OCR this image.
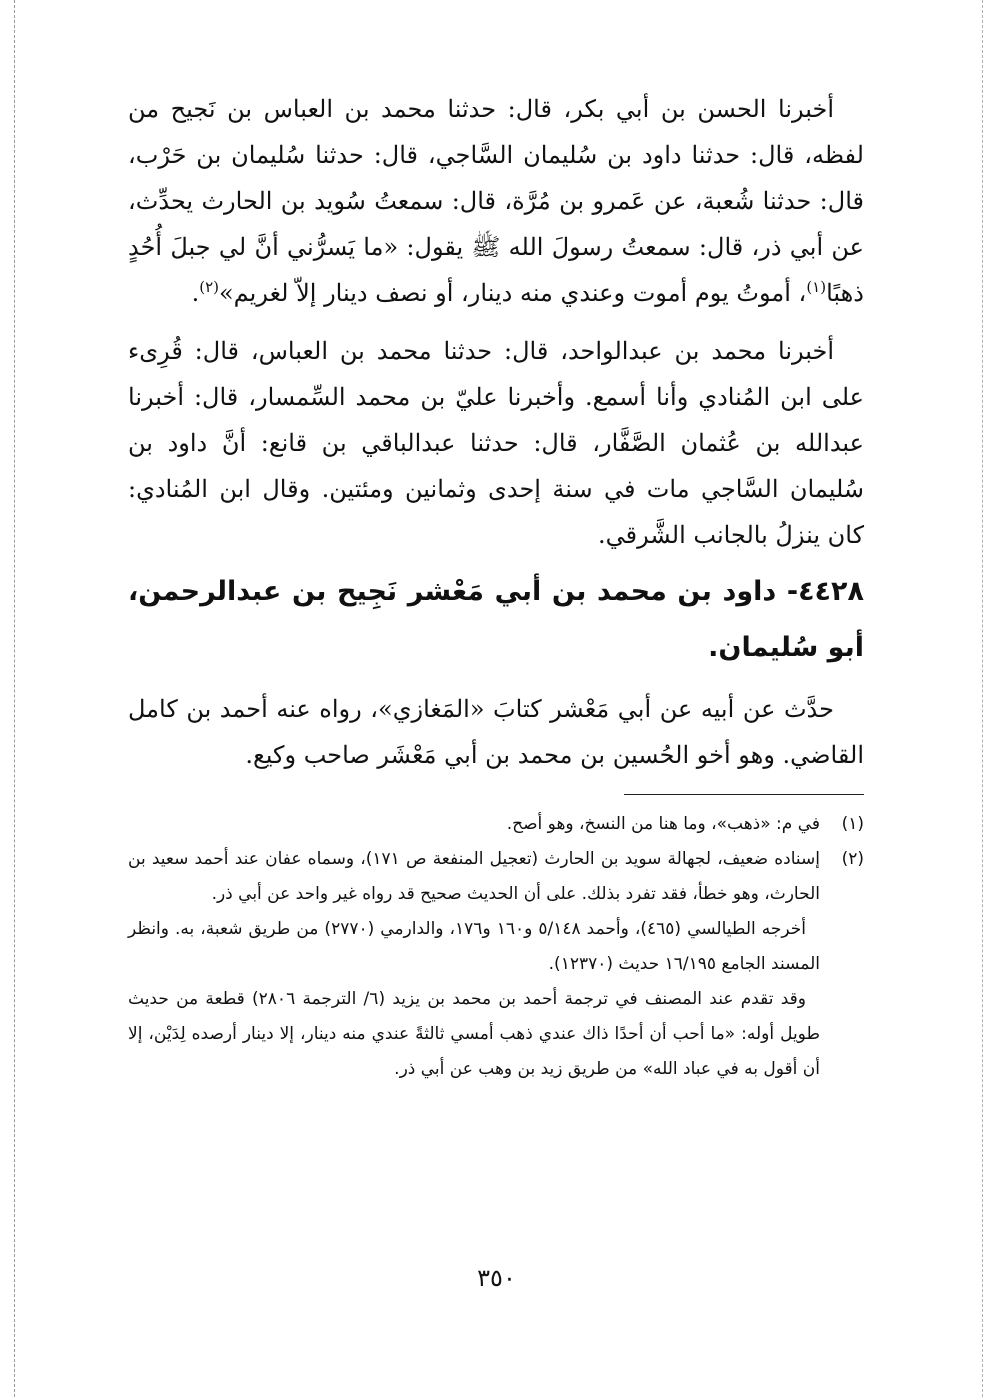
أخبرنا الحسن بن أبي بكر، قال: حدثنا محمد بن العباس بن نَجيح من لفظه، قال: حدثنا داود بن سُليمان السَّاجي، قال: حدثنا سُليمان بن حَرْب، قال: حدثنا شُعبة، عن عَمرو بن مُرَّة، قال: سمعتُ سُويد بن الحارث يحدِّث، عن أبي ذر، قال: سمعتُ رسولَ الله ﷺ يقول: «ما يَسرُّني أنَّ لي جبلَ أُحُدٍ ذهبًا$^{(١)}$، أموتُ يوم أموت وعندي منه دينار، أو نصف دينار إلاّ لغريم»$^{(٢)}$.

أخبرنا محمد بن عبدالواحد، قال: حدثنا محمد بن العباس، قال: قُرِىء على ابن المُنادي وأنا أسمع. وأخبرنا عليّ بن محمد السِّمسار، قال: أخبرنا عبدالله بن عُثمان الصَّفَّار، قال: حدثنا عبدالباقي بن قانع: أنَّ داود بن سُليمان السَّاجي مات في سنة إحدى وثمانين ومئتين. وقال ابن المُنادي: كان ينزلُ بالجانب الشَّرقي.

٤٤٢٨- داود بن محمد بن أبي مَعْشر نَجِيح بن عبدالرحمن، أبو سُليمان.

حدَّث عن أبيه عن أبي مَعْشر كتابَ «المَغازي»، رواه عنه أحمد بن كامل القاضي. وهو أخو الحُسين بن محمد بن أبي مَعْشَر صاحب وكيع.

(١)
في م: «ذهب»، وما هنا من النسخ، وهو أصح.
(٢)
إسناده ضعيف، لجهالة سويد بن الحارث (تعجيل المنفعة ص ١٧١)، وسماه عفان عند أحمد سعيد بن الحارث، وهو خطأ، فقد تفرد بذلك. على أن الحديث صحيح قد رواه غير واحد عن أبي ذر.

أخرجه الطيالسي (٤٦٥)، وأحمد ٥/١٤٨ و١٦٠ و١٧٦، والدارمي (٢٧٧٠) من طريق شعبة، به. وانظر المسند الجامع ١٦/١٩٥ حديث (١٢٣٧٠).

وقد تقدم عند المصنف في ترجمة أحمد بن محمد بن يزيد (٦/ الترجمة ٢٨٠٦) قطعة من حديث طويل أوله: «ما أحب أن أحدًا ذاك عندي ذهب أمسي ثالثةً عندي منه دينار، إلا دينار أرصده لِدَيْن، إلا أن أقول به في عباد الله» من طريق زيد بن وهب عن أبي ذر.

٣٥٠
